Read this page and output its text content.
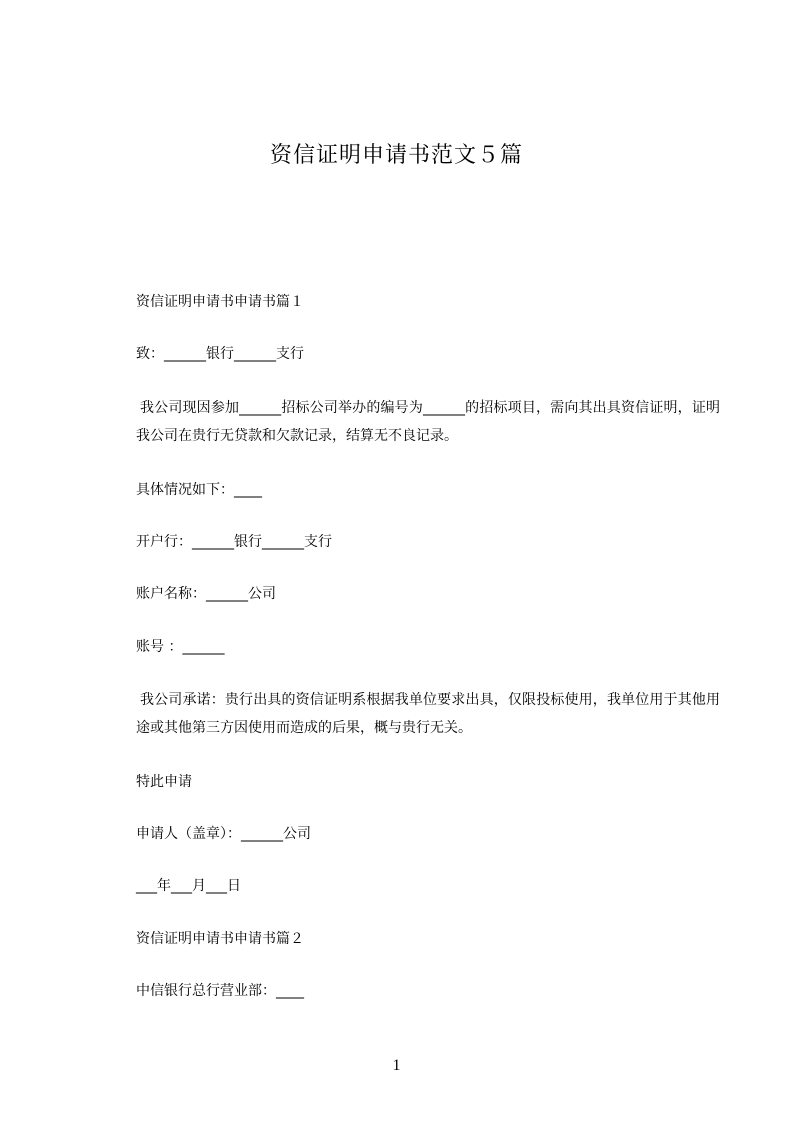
资信证明申请书范文５篇
资信证明申请书申请书篇１
致：______银行______支行
我公司现因参加______招标公司举办的编号为______的招标项目，需向其出具资信证明，证明我公司在贵行无贷款和欠款记录，结算无不良记录。
具体情况如下：____
开户行：______银行______支行
账户名称：______公司
账号 ：______
我公司承诺：贵行出具的资信证明系根据我单位要求出具，仅限投标使用，我单位用于其他用途或其他第三方因使用而造成的后果，概与贵行无关。
特此申请
申请人（盖章）：______公司
___年___月___日
资信证明申请书申请书篇２
中信银行总行营业部：____
1
